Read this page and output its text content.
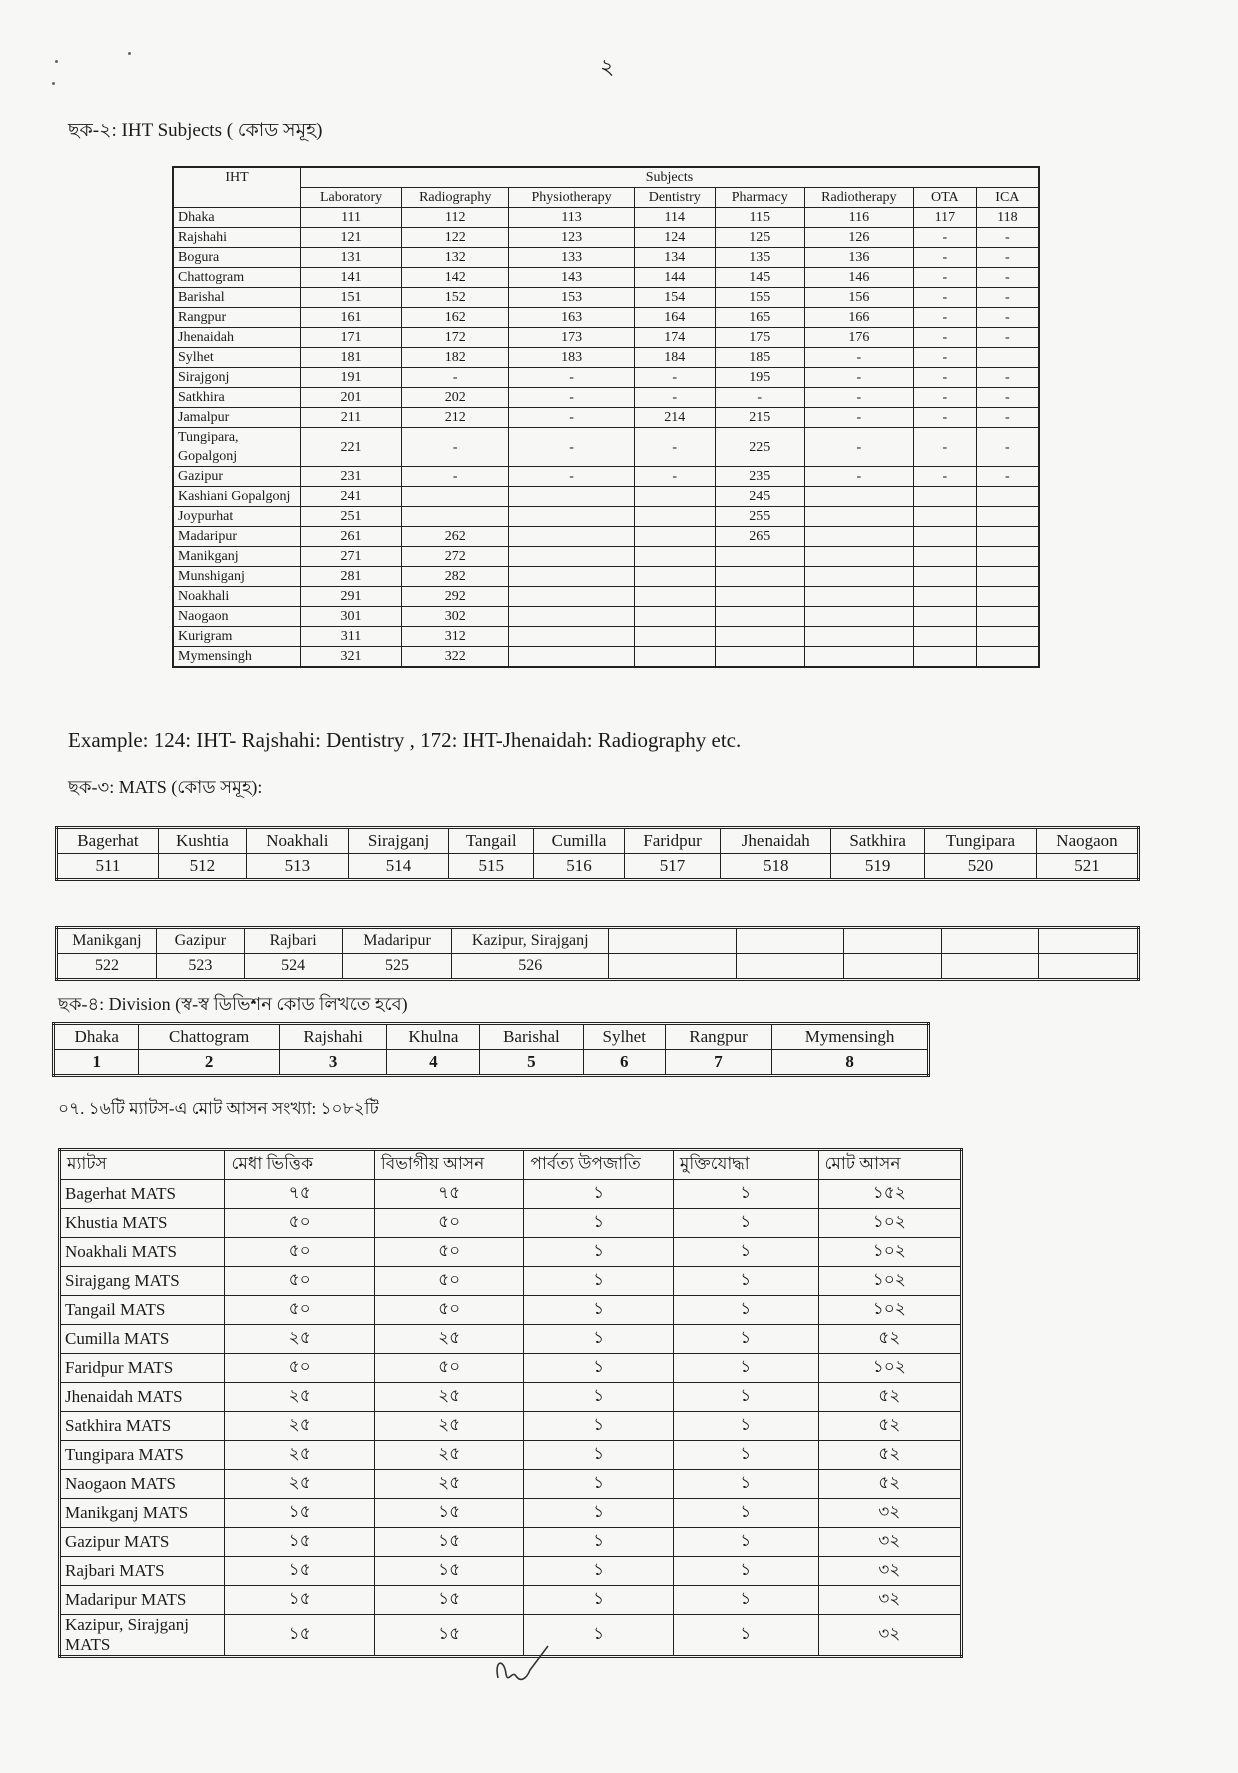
২
ছক-২: IHT Subjects ( কোড সমূহ)
IHT	Subjects							
	Laboratory	Radiography	Physiotherapy	Dentistry	Pharmacy	Radiotherapy	OTA	ICA
Dhaka	111	112	113	114	115	116	117	118
Rajshahi	121	122	123	124	125	126	-	-
Bogura	131	132	133	134	135	136	-	-
Chattogram	141	142	143	144	145	146	-	-
Barishal	151	152	153	154	155	156	-	-
Rangpur	161	162	163	164	165	166	-	-
Jhenaidah	171	172	173	174	175	176	-	-
Sylhet	181	182	183	184	185	-	-	
Sirajgonj	191	-	-	-	195	-	-	-
Satkhira	201	202	-	-	-	-	-	-
Jamalpur	211	212	-	214	215	-	-	-
Tungipara, Gopalgonj	221	-	-	-	225	-	-	-
Gazipur	231	-	-	-	235	-	-	-
Kashiani Gopalgonj	241				245			
Joypurhat	251				255			
Madaripur	261	262			265			
Manikganj	271	272						
Munshiganj	281	282						
Noakhali	291	292						
Naogaon	301	302						
Kurigram	311	312						
Mymensingh	321	322						
Example: 124: IHT- Rajshahi: Dentistry , 172: IHT-Jhenaidah: Radiography etc.
ছক-৩: MATS (কোড সমূহ):
Bagerhat	Kushtia	Noakhali	Sirajganj	Tangail	Cumilla	Faridpur	Jhenaidah	Satkhira	Tungipara	Naogaon
511	512	513	514	515	516	517	518	519	520	521
Manikganj	Gazipur	Rajbari	Madaripur	Kazipur, Sirajganj					
522	523	524	525	526					
ছক-৪: Division (স্ব-স্ব ডিভিশন কোড লিখতে হবে)
Dhaka	Chattogram	Rajshahi	Khulna	Barishal	Sylhet	Rangpur	Mymensingh
1	2	3	4	5	6	7	8
০৭. ১৬টি ম্যাটস-এ মোট আসন সংখ্যা: ১০৮২টি
ম্যাটস	মেধা ভিত্তিক	বিভাগীয় আসন	পার্বত্য উপজাতি	মুক্তিযোদ্ধা	মোট আসন
Bagerhat MATS	৭৫	৭৫	১	১	১৫২
Khustia MATS	৫০	৫০	১	১	১০২
Noakhali MATS	৫০	৫০	১	১	১০২
Sirajgang MATS	৫০	৫০	১	১	১০২
Tangail MATS	৫০	৫০	১	১	১০২
Cumilla MATS	২৫	২৫	১	১	৫২
Faridpur MATS	৫০	৫০	১	১	১০২
Jhenaidah MATS	২৫	২৫	১	১	৫২
Satkhira MATS	২৫	২৫	১	১	৫২
Tungipara MATS	২৫	২৫	১	১	৫২
Naogaon MATS	২৫	২৫	১	১	৫২
Manikganj MATS	১৫	১৫	১	১	৩২
Gazipur MATS	১৫	১৫	১	১	৩২
Rajbari MATS	১৫	১৫	১	১	৩২
Madaripur MATS	১৫	১৫	১	১	৩২
Kazipur, Sirajganj MATS	১৫	১৫	১	১	৩২
